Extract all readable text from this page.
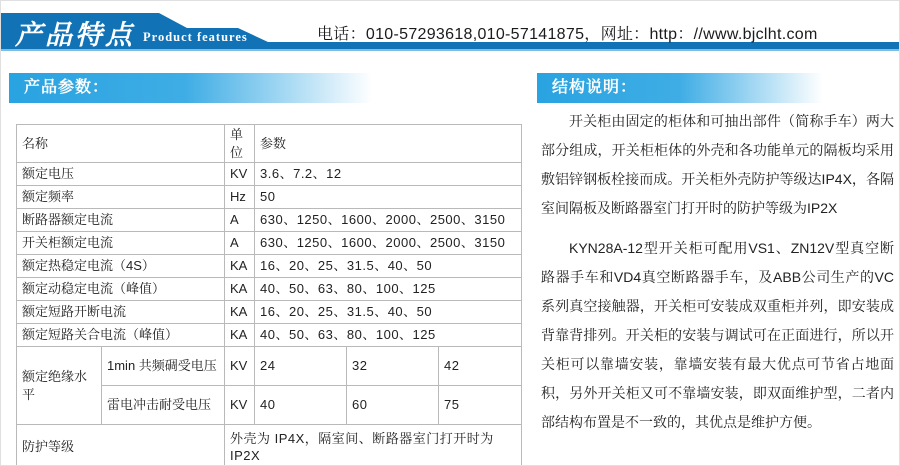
产品特点 Product features	电话：010-57293618,010-57141875，网址：http：//www.bjclht.com
产品参数：	结构说明：
名称		单位	参数		
额定电压		KV	3.6、7.2、12		
额定频率		Hz	50		
断路器额定电流		A	630、1250、1600、2000、2500、3150		
开关柜额定电流		A	630、1250、1600、2000、2500、3150		
额定热稳定电流（4S）		KA	16、20、25、31.5、40、50		
额定动稳定电流（峰值）		KA	40、50、63、80、100、125		
额定短路开断电流		KA	16、20、25、31.5、40、50		
额定短路关合电流（峰值）		KA	40、50、63、80、100、125		
额定绝缘水平	1min 共频碉受电压	KV	24	32	42
	雷电冲击耐受电压	KV	40	60	75
防护等级		外壳为 IP4X，隔室间、断路器室门打开时为IP2X			

开关柜由固定的柜体和可抽出部件（简称手车）两大部分组成，开关柜柜体的外壳和各功能单元的隔板均采用敷铝锌钢板栓接而成。开关柜外壳防护等级达IP4X，各隔室间隔板及断路器室门打开时的防护等级为IP2X

KYN28A-12型开关柜可配用VS1、ZN12V型真空断路器手车和VD4真空断路器手车，及ABB公司生产的VC系列真空接触器，开关柜可安装成双重柜并列，即安装成背靠背排列。开关柜的安装与调试可在正面进行，所以开关柜可以靠墙安装，靠墙安装有最大优点可节省占地面积，另外开关柜又可不靠墙安装，即双面维护型，二者内部结构布置是不一致的，其优点是维护方便。
